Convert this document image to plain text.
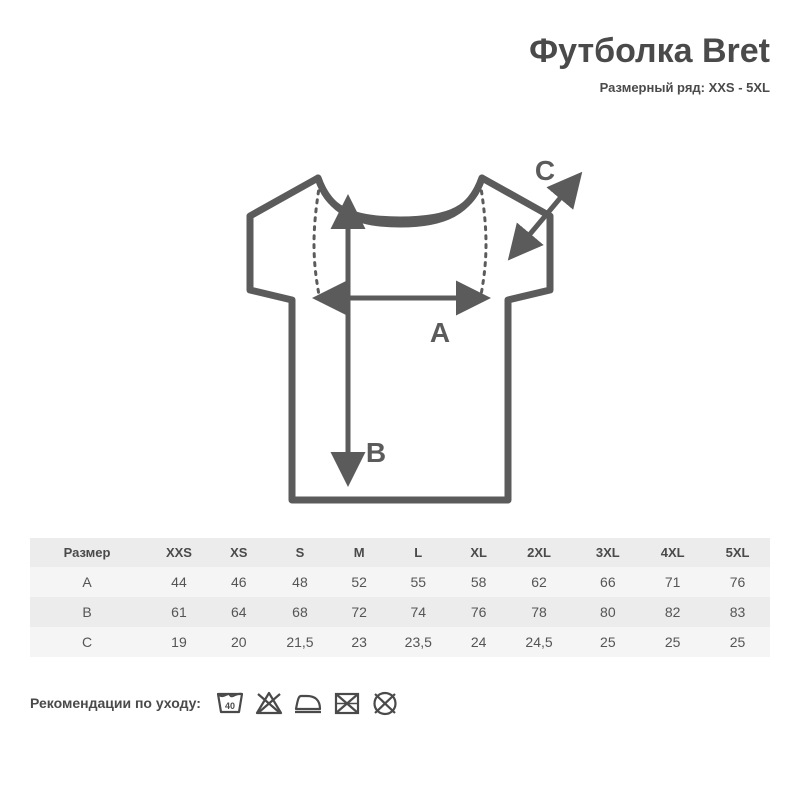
Футболка Bret
Размерный ряд: XXS - 5XL
A
B
C
Размер	XXS	XS	S	M	L	XL	2XL	3XL	4XL	5XL
A	44	46	48	52	55	58	62	66	71	76
B	61	64	68	72	74	76	78	80	82	83
C	19	20	21,5	23	23,5	24	24,5	25	25	25
Рекомендации по уходу:	40
